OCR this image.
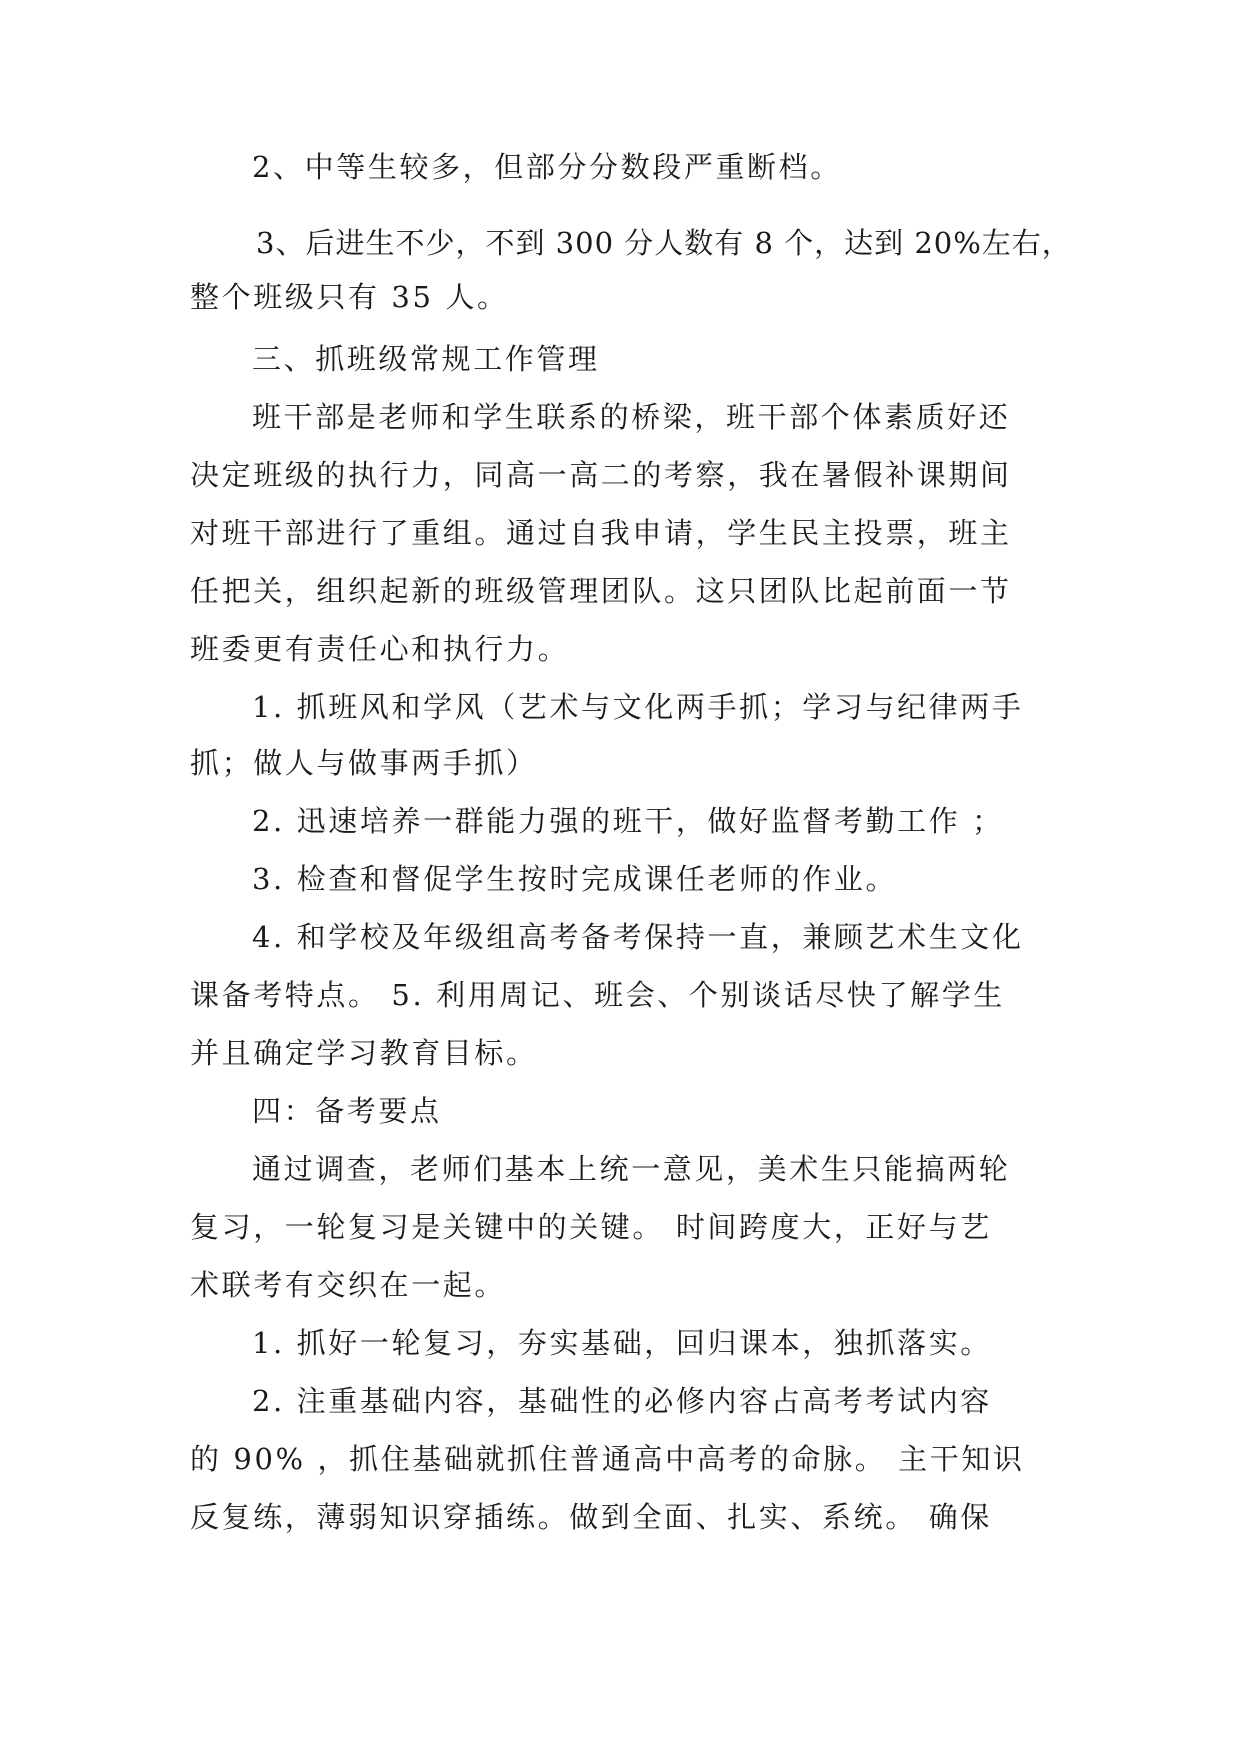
2、中等生较多，但部分分数段严重断档。
3、后进生不少，不到 300 分人数有 8 个，达到 20%左右，
整个班级只有 35 人。
三、抓班级常规工作管理
班干部是老师和学生联系的桥梁，班干部个体素质好还
决定班级的执行力，同高一高二的考察，我在暑假补课期间
对班干部进行了重组。通过自我申请，学生民主投票，班主
任把关，组织起新的班级管理团队。这只团队比起前面一节
班委更有责任心和执行力。
1. 抓班风和学风（艺术与文化两手抓；学习与纪律两手
抓；做人与做事两手抓）
2. 迅速培养一群能力强的班干，做好监督考勤工作 ；
3. 检查和督促学生按时完成课任老师的作业。
4. 和学校及年级组高考备考保持一直，兼顾艺术生文化
课备考特点。 5. 利用周记、班会、个别谈话尽快了解学生
并且确定学习教育目标。
四：备考要点
通过调查，老师们基本上统一意见，美术生只能搞两轮
复习，一轮复习是关键中的关键。 时间跨度大，正好与艺
术联考有交织在一起。
1. 抓好一轮复习，夯实基础，回归课本，独抓落实。
2. 注重基础内容，基础性的必修内容占高考考试内容
的 90% ，抓住基础就抓住普通高中高考的命脉。 主干知识
反复练，薄弱知识穿插练。做到全面、扎实、系统。 确保
